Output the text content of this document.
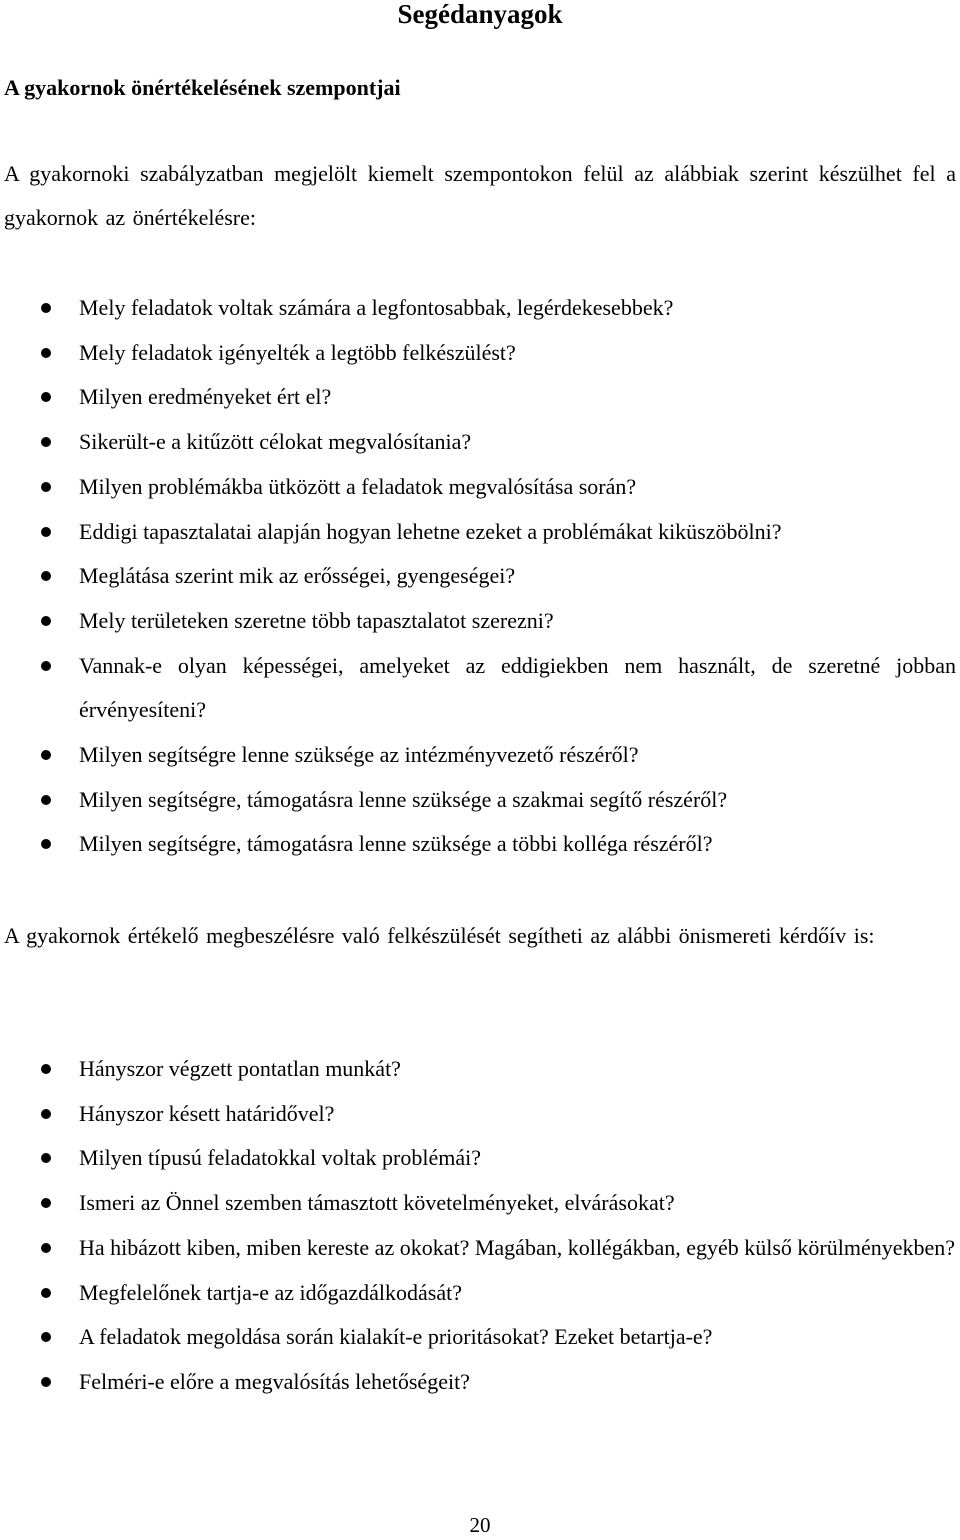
Segédanyagok
A gyakornok önértékelésének szempontjai

A gyakornoki szabályzatban megjelölt kiemelt szempontokon felül az alábbiak szerint készülhet fel a gyakornok az önértékelésre:

Mely feladatok voltak számára a legfontosabbak, legérdekesebbek?
Mely feladatok igényelték a legtöbb felkészülést?
Milyen eredményeket ért el?
Sikerült-e a kitűzött célokat megvalósítania?
Milyen problémákba ütközött a feladatok megvalósítása során?
Eddigi tapasztalatai alapján hogyan lehetne ezeket a problémákat kiküszöbölni?
Meglátása szerint mik az erősségei, gyengeségei?
Mely területeken szeretne több tapasztalatot szerezni?
Vannak-e olyan képességei, amelyeket az eddigiekben nem használt, de szeretné jobban érvényesíteni?
Milyen segítségre lenne szüksége az intézményvezető részéről?
Milyen segítségre, támogatásra lenne szüksége a szakmai segítő részéről?
Milyen segítségre, támogatásra lenne szüksége a többi kolléga részéről?

A gyakornok értékelő megbeszélésre való felkészülését segítheti az alábbi önismereti kérdőív is:

Hányszor végzett pontatlan munkát?
Hányszor késett határidővel?
Milyen típusú feladatokkal voltak problémái?
Ismeri az Önnel szemben támasztott követelményeket, elvárásokat?
Ha hibázott kiben, miben kereste az okokat? Magában, kollégákban, egyéb külső körülményekben?
Megfelelőnek tartja-e az időgazdálkodását?
A feladatok megoldása során kialakít-e prioritásokat? Ezeket betartja-e?
Felméri-e előre a megvalósítás lehetőségeit?

20
